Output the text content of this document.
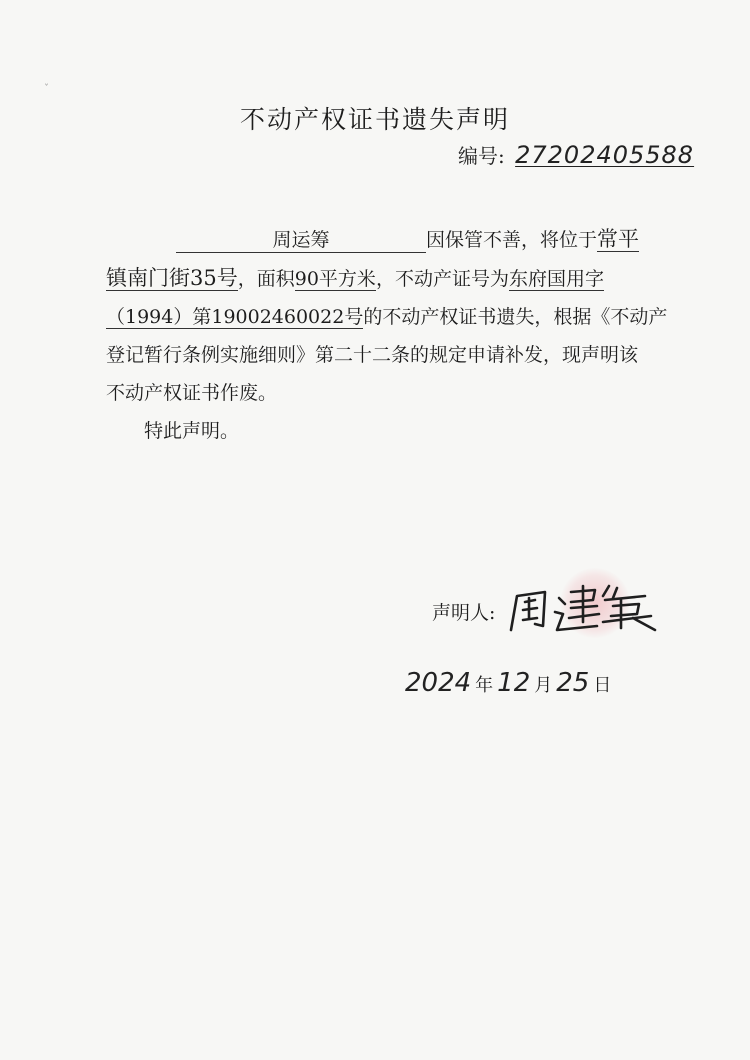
ˇ
不动产权证书遗失声明
编号: 27202405588
周运筹	因保管不善，将位于常平
镇南门街35号，面积90平方米，不动产证号为东府国用字
（1994）第19002460022号的不动产权证书遗失，根据《不动产
登记暂行条例实施细则》第二十二条的规定申请补发，现声明该
不动产权证书作废。
特此声明。
声明人:
2024 年 12 月 25 日
